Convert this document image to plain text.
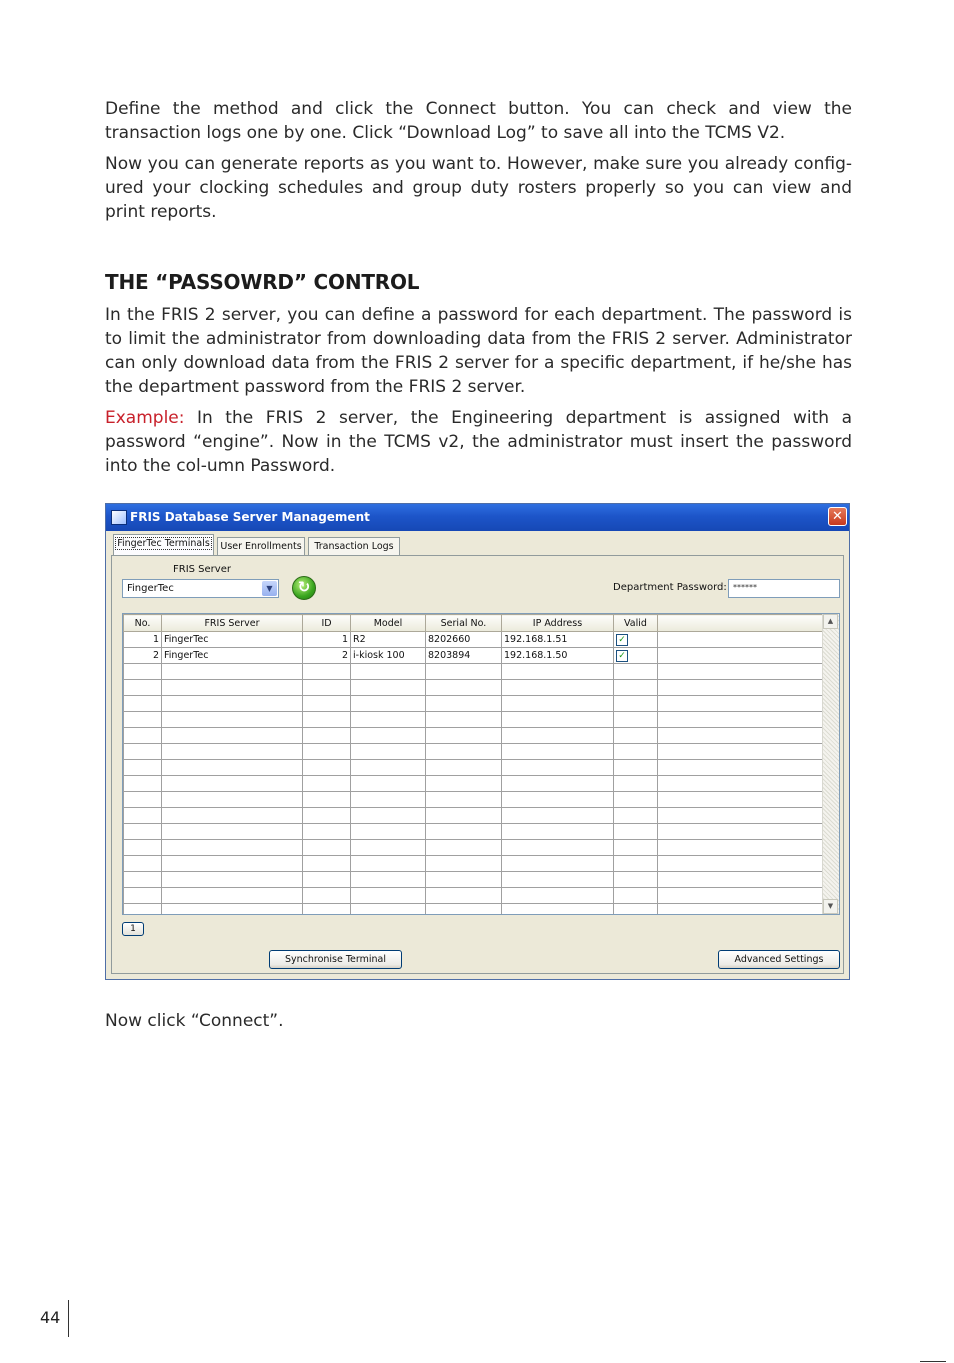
Define the method and click the Connect button. You can check and view the transaction logs one by one. Click “Download Log” to save all into the TCMS V2.

Now you can generate reports as you want to. However, make sure you already config-ured your clocking schedules and group duty rosters properly so you can view and print reports.

THE “PASSOWRD” CONTROL

In the FRIS 2 server, you can define a password for each department. The password is to limit the administrator from downloading data from the FRIS 2 server. Administrator can only download data from the FRIS 2 server for a specific department, if he/she has the department password from the FRIS 2 server.

Example: In the FRIS 2 server, the Engineering department is assigned with a password “engine”. Now in the TCMS v2, the administrator must insert the password into the col-umn Password.

FRIS Database Server Management	✕
FingerTec Terminals	User Enrollments	Transaction Logs
FRIS Server
FingerTec	▼	↻	Department Password: ******
No.	FRIS Server	ID	Model	Serial No.	IP Address	Valid	
1	FingerTec	1	R2	8202660	192.168.1.51	✓	
2	FingerTec	2	i-kiosk 100	8203894	192.168.1.50	✓	

▲
▼
1
Synchronise Terminal	Advanced Settings

Now click “Connect”.

44
